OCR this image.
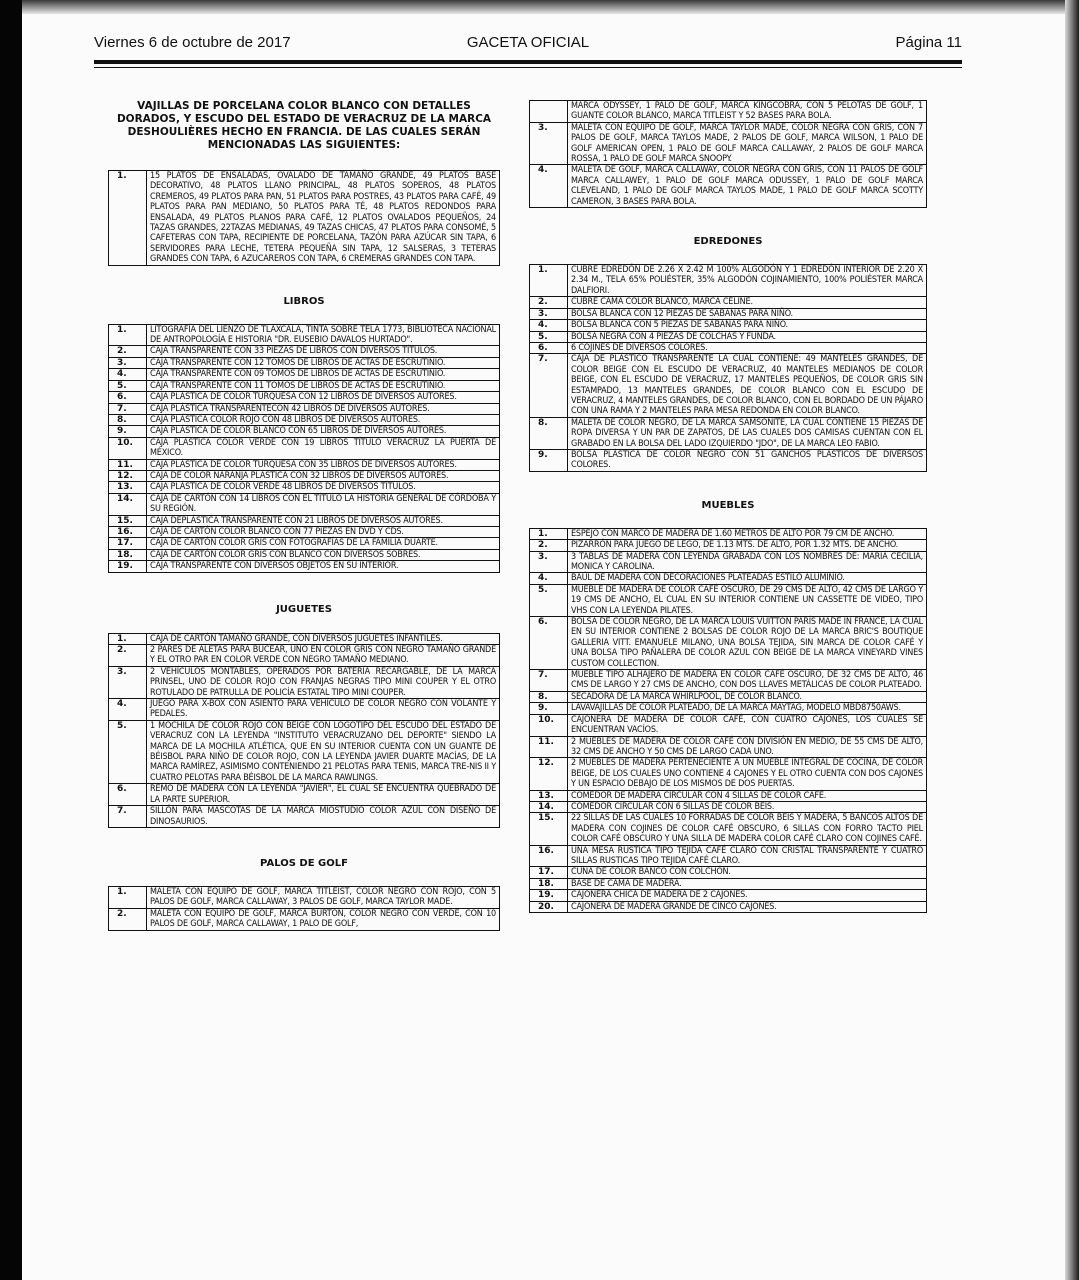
Viernes 6 de octubre de 2017	GACETA OFICIAL	Página 11
VAJILLAS DE PORCELANA COLOR BLANCO CON DETALLES DORADOS, Y ESCUDO DEL ESTADO DE VERACRUZ DE LA MARCA DESHOULIÈRES HECHO EN FRANCIA. DE LAS CUALES SERÁN MENCIONADAS LAS SIGUIENTES:
1.	15 PLATOS DE ENSALADAS, OVALADO DE TAMAÑO GRANDE, 49 PLATOS BASE DECORATIVO, 48 PLATOS LLANO PRINCIPAL, 48 PLATOS SOPEROS, 48 PLATOS CREMEROS, 49 PLATOS PARA PAN, 51 PLATOS PARA POSTRES, 43 PLATOS PARA CAFÉ, 49 PLATOS PARA PAN MEDIANO, 50 PLATOS PARA TÉ, 48 PLATOS REDONDOS PARA ENSALADA, 49 PLATOS PLANOS PARA CAFÉ, 12 PLATOS OVALADOS PEQUEÑOS, 24 TAZAS GRANDES, 22TAZAS MEDIANAS, 49 TAZAS CHICAS, 47 PLATOS PARA CONSOMÉ, 5 CAFETERAS CON TAPA, RECIPIENTE DE PORCELANA, TAZÓN PARA AZÚCAR SIN TAPA, 6 SERVIDORES PARA LECHE, TETERA PEQUEÑA SIN TAPA, 12 SALSERAS, 3 TETERAS GRANDES CON TAPA, 6 AZUCAREROS CON TAPA, 6 CREMERAS GRANDES CON TAPA.
LIBROS
1.	LITOGRAFÍA DEL LIENZO DE TLAXCALA, TINTA SOBRE TELA 1773, BIBLIOTECA NACIONAL DE ANTROPOLOGÍA E HISTORIA "DR. EUSEBIO DAVALOS HURTADO".
2.	CAJA TRANSPARENTE CON 33 PIEZAS DE LIBROS CON DIVERSOS TÍTULOS.
3.	CAJA TRANSPARENTE CON 12 TOMOS DE LIBROS DE ACTAS DE ESCRUTINIO.
4.	CAJA TRANSPARENTE CON 09 TOMOS DE LIBROS DE ACTAS DE ESCRUTINIO.
5.	CAJA TRANSPARENTE CON 11 TOMOS DE LIBROS DE ACTAS DE ESCRUTINIO.
6.	CAJA PLÁSTICA DE COLOR TURQUESA CON 12 LIBROS DE DIVERSOS AUTORES.
7.	CAJA PLÁSTICA TRANSPARENTECON 42 LIBROS DE DIVERSOS AUTORES.
8.	CAJA PLÁSTICA COLOR ROJO CON 48 LIBROS DE DIVERSOS AUTORES.
9.	CAJA PLÁSTICA DE COLOR BLANCO CON 65 LIBROS DE DIVERSOS AUTORES.
10.	CAJA PLÁSTICA COLOR VERDE CON 19 LIBROS TÍTULO VERACRUZ LA PUERTA DE MÉXICO.
11.	CAJA PLÁSTICA DE COLOR TURQUESA CON 35 LIBROS DE DIVERSOS AUTORES.
12.	CAJA DE COLOR NARANJA PLÁSTICA CON 32 LIBROS DE DIVERSOS AUTORES.
13.	CAJA PLÁSTICA DE COLOR VERDE 48 LIBROS DE DIVERSOS TÍTULOS.
14.	CAJA DE CARTÓN CON 14 LIBROS CON EL TÍTULO LA HISTORIA GENERAL DE CÓRDOBA Y SU REGIÓN.
15.	CAJA DEPLÁSTICA TRANSPARENTE CON 21 LIBROS DE DIVERSOS AUTORES.
16.	CAJA DE CARTÓN COLOR BLANCO CON 77 PIEZAS EN DVD Y CDS.
17.	CAJA DE CARTÓN COLOR GRIS CON FOTOGRAFÍAS DE LA FAMILIA DUARTE.
18.	CAJA DE CARTÓN COLOR GRIS CON BLANCO CON DIVERSOS SOBRES.
19.	CAJA TRANSPARENTE CON DIVERSOS OBJETOS EN SU INTERIOR.
JUGUETES
1.	CAJA DE CARTÓN TAMAÑO GRANDE, CON DIVERSOS JUGUETES INFANTILES.
2.	2 PARES DE ALETAS PARA BUCEAR, UNO EN COLOR GRIS CON NEGRO TAMAÑO GRANDE Y EL OTRO PAR EN COLOR VERDE CON NEGRO TAMAÑO MEDIANO.
3.	2 VEHÍCULOS MONTABLES, OPERADOS POR BATERÍA RECARGABLE, DE LA MARCA PRINSEL, UNO DE COLOR ROJO CON FRANJAS NEGRAS TIPO MINI COUPER Y EL OTRO ROTULADO DE PATRULLA DE POLICÍA ESTATAL TIPO MINI COUPER.
4.	JUEGO PARA X-BOX CON ASIENTO PARA VEHÍCULO DE COLOR NEGRO CON VOLANTE Y PEDALES.
5.	1 MOCHILA DE COLOR ROJO CON BEIGE CON LOGOTIPO DEL ESCUDO DEL ESTADO DE VERACRUZ CON LA LEYENDA "INSTITUTO VERACRUZANO DEL DEPORTE" SIENDO LA MARCA DE LA MOCHILA ATLÉTICA, QUE EN SU INTERIOR CUENTA CON UN GUANTE DE BÉISBOL PARA NIÑO DE COLOR ROJO, CON LA LEYENDA JAVIER DUARTE MACÍAS, DE LA MARCA RAMÍREZ, ASIMISMO CONTENIENDO 21 PELOTAS PARA TENIS, MARCA TRE-NIS II Y CUATRO PELOTAS PARA BÉISBOL DE LA MARCA RAWLINGS.
6.	REMO DE MADERA CON LA LEYENDA "JAVIER", EL CUAL SE ENCUENTRA QUEBRADO DE LA PARTE SUPERIOR.
7.	SILLÓN PARA MASCOTAS DE LA MARCA MIOSTUDIO COLOR AZUL CON DISEÑO DE DINOSAURIOS.
PALOS DE GOLF
1.	MALETA CON EQUIPO DE GOLF, MARCA TITLEIST, COLOR NEGRO CON ROJO, CON 5 PALOS DE GOLF, MARCA CALLAWAY, 3 PALOS DE GOLF, MARCA TAYLOR MADE.
2.	MALETA CON EQUIPO DE GOLF, MARCA BURTON, COLOR NEGRO CON VERDE, CON 10 PALOS DE GOLF, MARCA CALLAWAY, 1 PALO DE GOLF,
	MARCA ODYSSEY, 1 PALO DE GOLF, MARCA KINGCOBRA, CON 5 PELOTAS DE GOLF, 1 GUANTE COLOR BLANCO, MARCA TITLEIST Y 52 BASES PARA BOLA.
3.	MALETA CON EQUIPO DE GOLF, MARCA TAYLOR MADE, COLOR NEGRA CON GRIS, CON 7 PALOS DE GOLF, MARCA TAYLOS MADE, 2 PALOS DE GOLF, MARCA WILSON, 1 PALO DE GOLF AMERICAN OPEN, 1 PALO DE GOLF MARCA CALLAWAY, 2 PALOS DE GOLF MARCA ROSSA, 1 PALO DE GOLF MARCA SNOOPY.
4.	MALETA DE GOLF, MARCA CALLAWAY, COLOR NEGRA CON GRIS, CON 11 PALOS DE GOLF MARCA CALLAWEY, 1 PALO DE GOLF MARCA ODUSSEY, 1 PALO DE GOLF MARCA CLEVELAND, 1 PALO DE GOLF MARCA TAYLOS MADE, 1 PALO DE GOLF MARCA SCOTTY CAMERON, 3 BASES PARA BOLA.
EDREDONES
1.	CUBRE EDREDÓN DE 2.26 X 2.42 M 100% ALGODÓN Y 1 EDREDÓN INTERIOR DE 2.20 X 2.34 M., TELA 65% POLIÉSTER, 35% ALGODÓN COJINAMIENTO, 100% POLIÉSTER MARCA DALFIORI.
2.	CUBRE CAMA COLOR BLANCO, MARCA CELINE.
3.	BOLSA BLANCA CON 12 PIEZAS DE SÁBANAS PARA NIÑO.
4.	BOLSA BLANCA CON 5 PIEZAS DE SÁBANAS PARA NIÑO.
5.	BOLSA NEGRA CON 4 PIEZAS DE COLCHAS Y FUNDA.
6.	6 COJINES DE DIVERSOS COLORES.
7.	CAJA DE PLÁSTICO TRANSPARENTE LA CUAL CONTIENE: 49 MANTELES GRANDES, DE COLOR BEIGE CON EL ESCUDO DE VERACRUZ, 40 MANTELES MEDIANOS DE COLOR BEIGE, CON EL ESCUDO DE VERACRUZ, 17 MANTELES PEQUEÑOS, DE COLOR GRIS SIN ESTAMPADO, 13 MANTELES GRANDES, DE COLOR BLANCO CON EL ESCUDO DE VERACRUZ, 4 MANTELES GRANDES, DE COLOR BLANCO, CON EL BORDADO DE UN PÁJARO CON UNA RAMA Y 2 MANTELES PARA MESA REDONDA EN COLOR BLANCO.
8.	MALETA DE COLOR NEGRO, DE LA MARCA SAMSONITE, LA CUAL CONTIENE 15 PIEZAS DE ROPA DIVERSA Y UN PAR DE ZAPATOS, DE LAS CUALES DOS CAMISAS CUENTAN CON EL GRABADO EN LA BOLSA DEL LADO IZQUIERDO "JDO", DE LA MARCA LEO FABIO.
9.	BOLSA PLÁSTICA DE COLOR NEGRO CON 51 GANCHOS PLÁSTICOS DE DIVERSOS COLORES.
MUEBLES
1.	ESPEJO CON MARCO DE MADERA DE 1.60 METROS DE ALTO POR 79 CM DE ANCHO.
2.	PIZARRÓN PARA JUEGO DE LEGO, DE 1.13 MTS. DE ALTO, POR 1.32 MTS. DE ANCHO.
3.	3 TABLAS DE MADERA CON LEYENDA GRABADA CON LOS NOMBRES DE: MARIA CECILIA, MONICA Y CAROLINA.
4.	BAÚL DE MADERA CON DECORACIONES PLATEADAS ESTILO ALUMINIO.
5.	MUEBLE DE MADERA DE COLOR CAFÉ OSCURO, DE 29 CMS DE ALTO, 42 CMS DE LARGO Y 19 CMS DE ANCHO, EL CUAL EN SU INTERIOR CONTIENE UN CASSETTE DE VIDEO, TIPO VHS CON LA LEYENDA PILATES.
6.	BOLSA DE COLOR NEGRO, DE LA MARCA LOUIS VUITTON PARÍS MADE IN FRANCE, LA CUAL EN SU INTERIOR CONTIENE 2 BOLSAS DE COLOR ROJO DE LA MARCA BRIC'S BOUTIQUE GALLERIA VITT. EMANUELE MILANO, UNA BOLSA TEJIDA, SIN MARCA DE COLOR CAFÉ Y UNA BOLSA TIPO PAÑALERA DE COLOR AZUL CON BEIGE DE LA MARCA VINEYARD VINES CUSTOM COLLECTION.
7.	MUEBLE TIPO ALHAJERO DE MADERA EN COLOR CAFÉ OSCURO, DE 32 CMS DE ALTO, 46 CMS DE LARGO Y 27 CMS DE ANCHO, CON DOS LLAVES METÁLICAS DE COLOR PLATEADO.
8.	SECADORA DE LA MARCA WHIRLPOOL, DE COLOR BLANCO.
9.	LAVAVAJILLAS DE COLOR PLATEADO, DE LA MARCA MAYTAG, MODELO MBD8750AWS.
10.	CAJONERA DE MADERA DE COLOR CAFÉ, CON CUATRO CAJONES, LOS CUALES SE ENCUENTRAN VACÍOS.
11.	2 MUEBLES DE MADERA DE COLOR CAFÉ CON DIVISIÓN EN MEDIO, DE 55 CMS DE ALTO, 32 CMS DE ANCHO Y 50 CMS DE LARGO CADA UNO.
12.	2 MUEBLES DE MADERA PERTENECIENTE A UN MUEBLE INTEGRAL DE COCINA, DE COLOR BEIGE, DE LOS CUALES UNO CONTIENE 4 CAJONES Y EL OTRO CUENTA CON DOS CAJONES Y UN ESPACIO DEBAJO DE LOS MISMOS DE DOS PUERTAS.
13.	COMEDOR DE MADERA CIRCULAR CON 4 SILLAS DE COLOR CAFÉ.
14.	COMEDOR CIRCULAR CON 6 SILLAS DE COLOR BEIS.
15.	22 SILLAS DE LAS CUALES 10 FORRADAS DE COLOR BEIS Y MADERA, 5 BANCOS ALTOS DE MADERA CON COJINES DE COLOR CAFÉ OBSCURO, 6 SILLAS CON FORRO TACTO PIEL COLOR CAFÉ OBSCURO Y UNA SILLA DE MADERA COLOR CAFÉ CLARO CON COJINES CAFÉ.
16.	UNA MESA RUSTICA TIPO TEJIDA CAFÉ CLARO CON CRISTAL TRANSPARENTE Y CUATRO SILLAS RUSTICAS TIPO TEJIDA CAFÉ CLARO.
17.	CUNA DE COLOR BANCO CON COLCHÓN.
18.	BASE DE CAMA DE MADERA.
19.	CAJONERA CHICA DE MADERA DE 2 CAJONES.
20.	CAJONERA DE MADERA GRANDE DE CINCO CAJONES.
